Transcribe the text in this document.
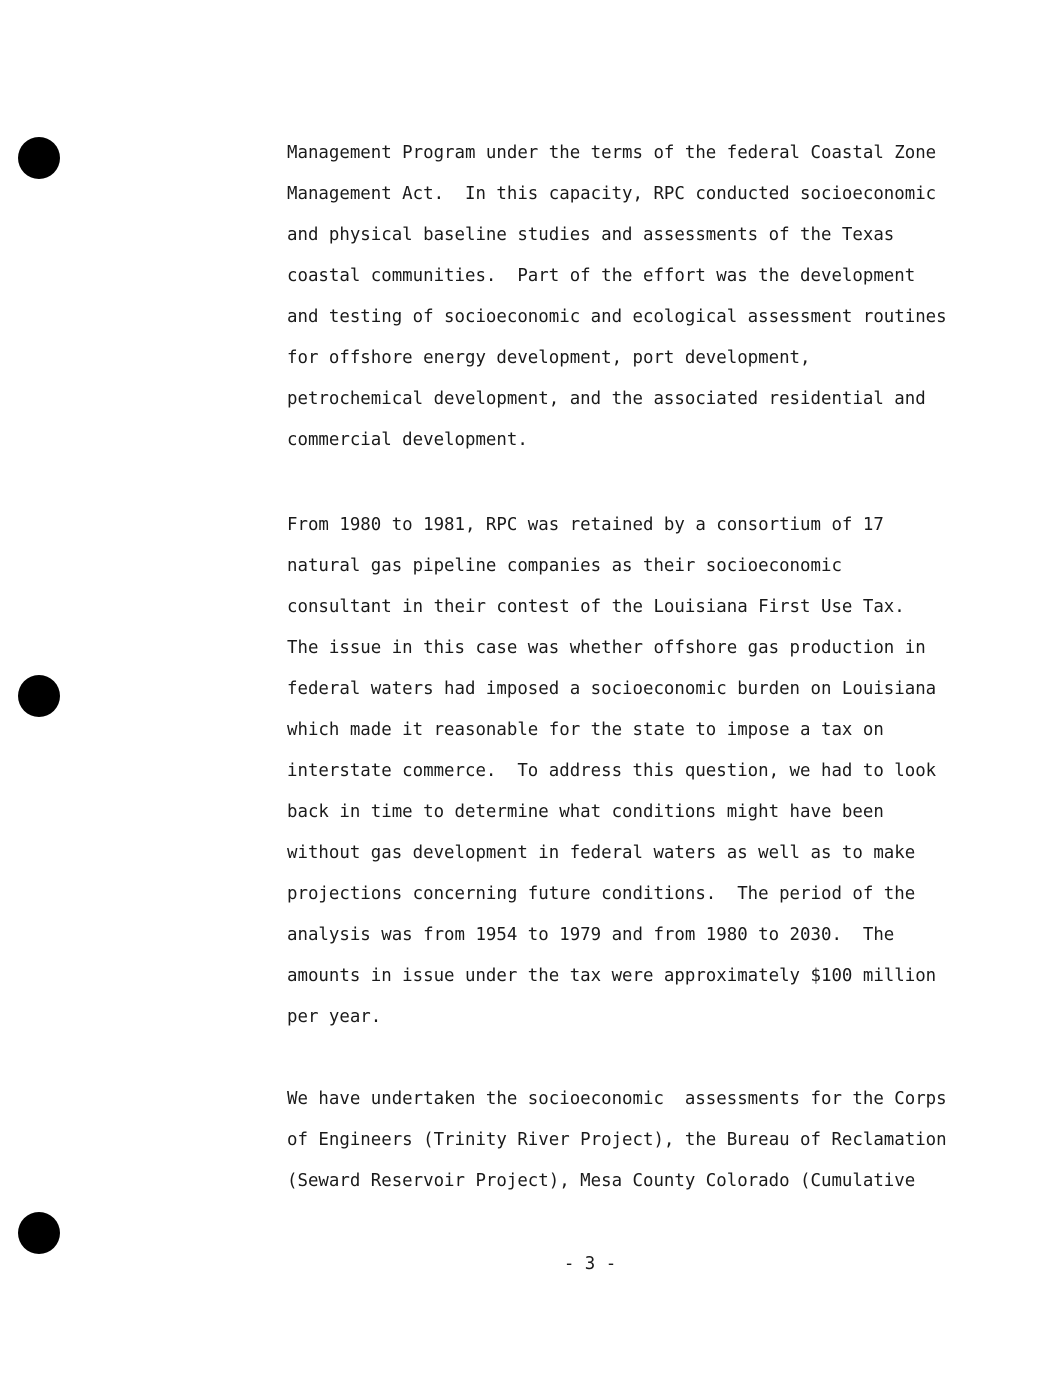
Management Program under the terms of the federal Coastal Zone
Management Act.  In this capacity, RPC conducted socioeconomic
and physical baseline studies and assessments of the Texas
coastal communities.  Part of the effort was the development
and testing of socioeconomic and ecological assessment routines
for offshore energy development, port development,
petrochemical development, and the associated residential and
commercial development.
From 1980 to 1981, RPC was retained by a consortium of 17
natural gas pipeline companies as their socioeconomic
consultant in their contest of the Louisiana First Use Tax.
The issue in this case was whether offshore gas production in
federal waters had imposed a socioeconomic burden on Louisiana
which made it reasonable for the state to impose a tax on
interstate commerce.  To address this question, we had to look
back in time to determine what conditions might have been
without gas development in federal waters as well as to make
projections concerning future conditions.  The period of the
analysis was from 1954 to 1979 and from 1980 to 2030.  The
amounts in issue under the tax were approximately $100 million
per year.
We have undertaken the socioeconomic  assessments for the Corps
of Engineers (Trinity River Project), the Bureau of Reclamation
(Seward Reservoir Project), Mesa County Colorado (Cumulative
- 3 -
